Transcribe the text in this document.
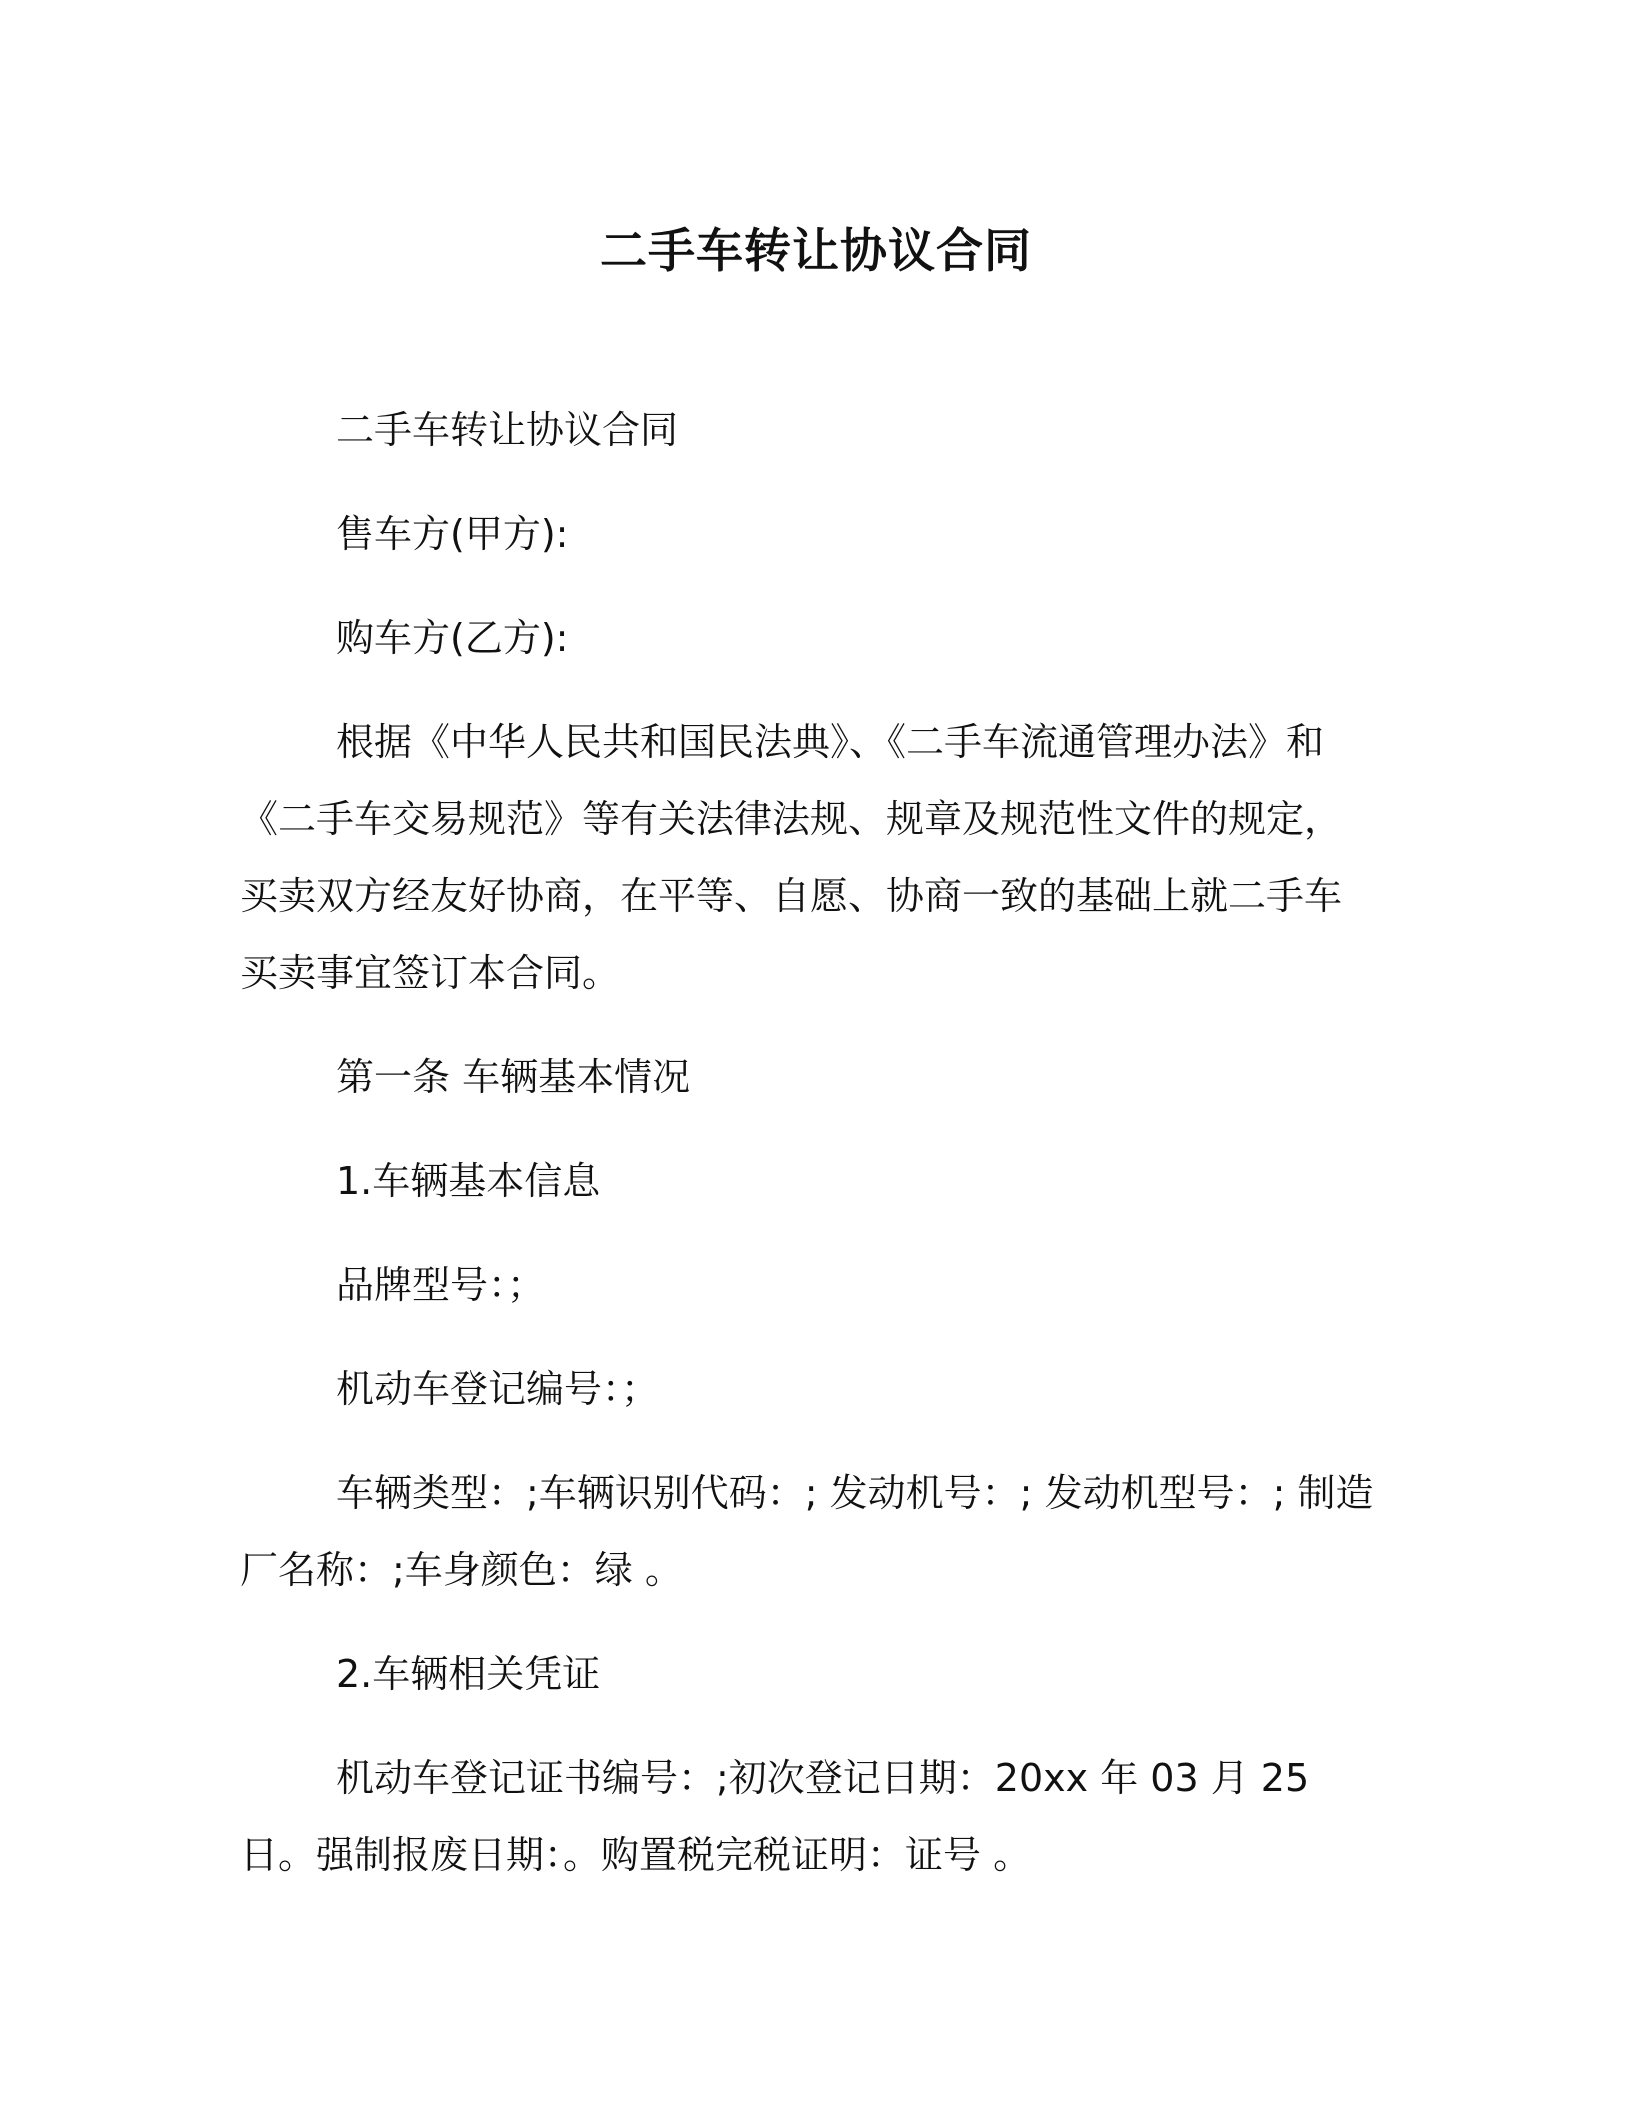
二手车转让协议合同

二手车转让协议合同

售车方(甲方):

购车方(乙方):

根据《中华人民共和国民法典》、《二手车流通管理办法》和《二手车交易规范》等有关法律法规、规章及规范性文件的规定，买卖双方经友好协商，在平等、自愿、协商一致的基础上就二手车买卖事宜签订本合同。

第一条 车辆基本情况

1.车辆基本信息

品牌型号：；

机动车登记编号：；

车辆类型：;车辆识别代码：; 发动机号：; 发动机型号：; 制造厂名称：;车身颜色：绿 。

2.车辆相关凭证

机动车登记证书编号：;初次登记日期：20xx 年 03 月 25 日。强制报废日期：。购置税完税证明：证号 。
